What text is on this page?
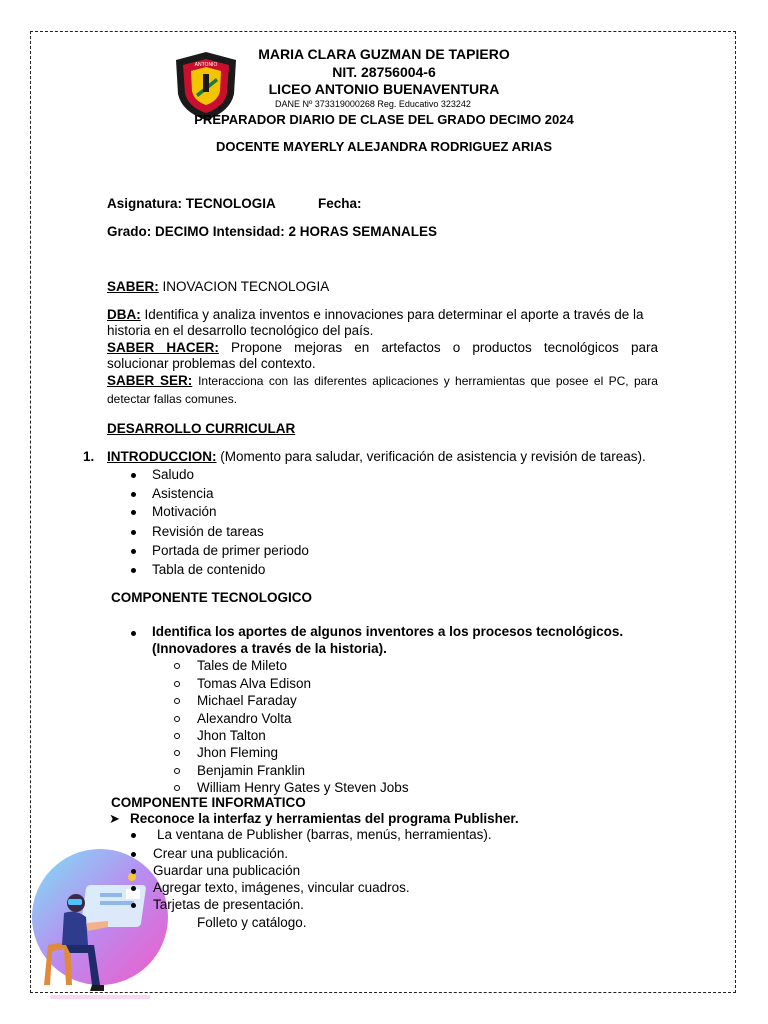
ANTONIO
MARIA CLARA GUZMAN DE TAPIERO
NIT. 28756004-6
LICEO ANTONIO BUENAVENTURA
DANE Nº 373319000268 Reg. Educativo 323242
PREPARADOR DIARIO DE CLASE DEL GRADO DECIMO 2024
DOCENTE MAYERLY ALEJANDRA RODRIGUEZ ARIAS
Asignatura: TECNOLOGIA	Fecha:
Grado: DECIMO Intensidad: 2 HORAS SEMANALES
SABER: INOVACION TECNOLOGIA
DBA: Identifica y analiza inventos e innovaciones para determinar el aporte a través de la
historia en el desarrollo tecnológico del país.
SABER HACER: Propone mejoras en artefactos o productos tecnológicos para
solucionar problemas del contexto.
SABER SER: Interacciona con las diferentes aplicaciones y herramientas que posee el PC, para
detectar fallas comunes.
DESARROLLO CURRICULAR
1. INTRODUCCION: (Momento para saludar, verificación de asistencia y revisión de tareas).
Saludo
Asistencia
Motivación
Revisión de tareas
Portada de primer periodo
Tabla de contenido
COMPONENTE TECNOLOGICO
Identifica los aportes de algunos inventores a los procesos tecnológicos.
(Innovadores a través de la historia).
Tales de Mileto
Tomas Alva Edison
Michael Faraday
Alexandro Volta
Jhon Talton
Jhon Fleming
Benjamin Franklin
William Henry Gates y Steven Jobs
COMPONENTE INFORMATICO
➤ Reconoce la interfaz y herramientas del programa Publisher.
La ventana de Publisher (barras, menús, herramientas).
Crear una publicación.
Guardar una publicación
Agregar texto, imágenes, vincular cuadros.
Tarjetas de presentación.
Folleto y catálogo.
